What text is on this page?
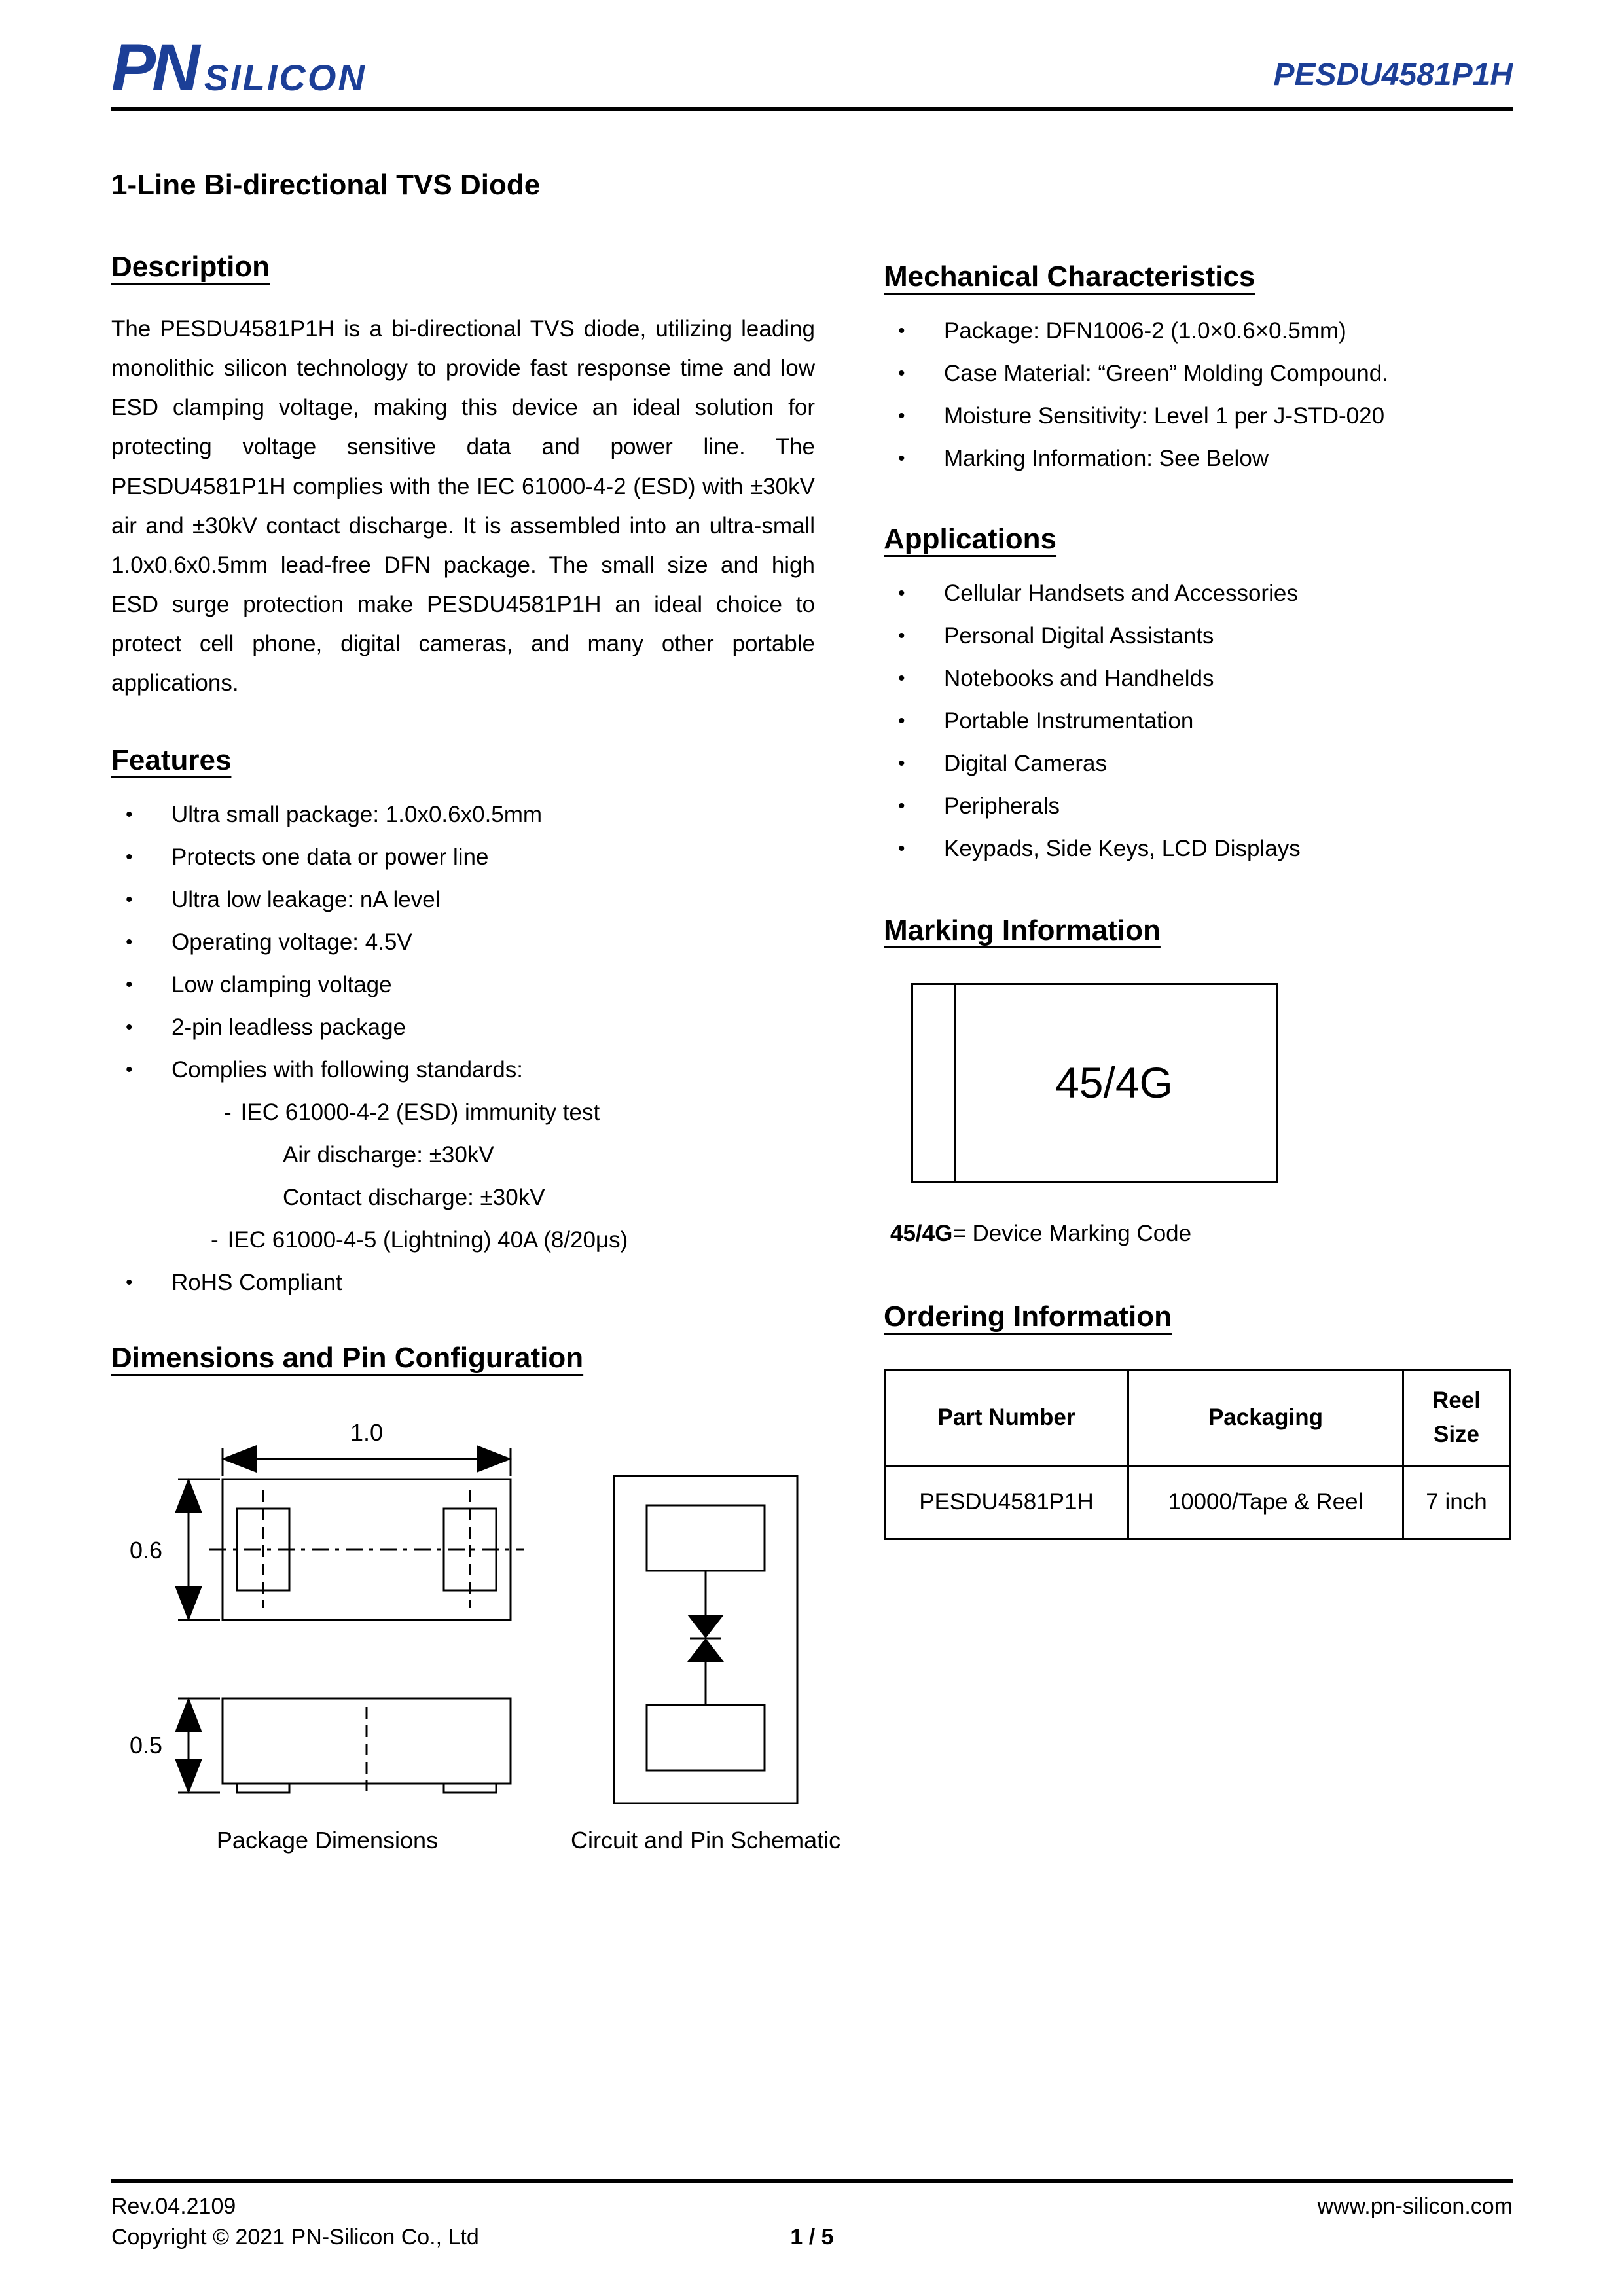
PN SILICON	PESDU4581P1H
1-Line Bi-directional TVS Diode
Description

The PESDU4581P1H is a bi-directional TVS diode, utilizing leading monolithic silicon technology to provide fast response time and low ESD clamping voltage, making this device an ideal solution for protecting voltage sensitive data and power line. The PESDU4581P1H complies with the IEC 61000-4-2 (ESD) with ±30kV air and ±30kV contact discharge. It is assembled into an ultra-small 1.0x0.6x0.5mm lead-free DFN package. The small size and high ESD surge protection make PESDU4581P1H an ideal choice to protect cell phone, digital cameras, and many other portable applications.

Features
• Ultra small package: 1.0x0.6x0.5mm
• Protects one data or power line
• Ultra low leakage: nA level
• Operating voltage: 4.5V
• Low clamping voltage
• 2-pin leadless package
• Complies with following standards:
‐ IEC 61000-4-2 (ESD) immunity test
Air discharge: ±30kV
Contact discharge: ±30kV
‐ IEC 61000-4-5 (Lightning) 40A (8/20μs)
• RoHS Compliant
Dimensions and Pin Configuration
1.0
0.6
0.5
Package Dimensions	Circuit and Pin Schematic
Mechanical Characteristics
• Package: DFN1006-2 (1.0×0.6×0.5mm)
• Case Material: “Green” Molding Compound.
• Moisture Sensitivity: Level 1 per J-STD-020
• Marking Information: See Below
Applications
• Cellular Handsets and Accessories
• Personal Digital Assistants
• Notebooks and Handhelds
• Portable Instrumentation
• Digital Cameras
• Peripherals
• Keypads, Side Keys, LCD Displays
Marking Information
45/4G
45/4G= Device Marking Code
Ordering Information
Part Number	Packaging	Reel Size
PESDU4581P1H	10000/Tape & Reel	7 inch
Rev.04.2109	www.pn-silicon.com
Copyright © 2021 PN-Silicon Co., Ltd	1 / 5
